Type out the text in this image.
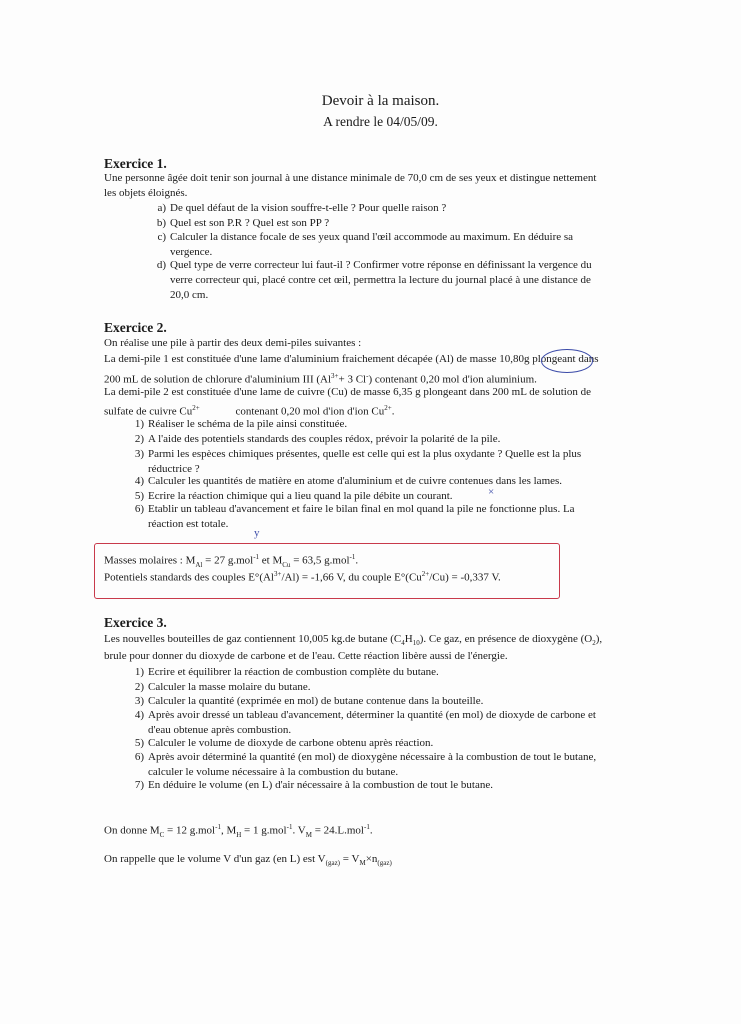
Devoir à la maison.
A rendre le 04/05/09.
Exercice 1.
Une personne âgée doit tenir son journal à une distance minimale de 70,0 cm de ses yeux et distingue nettement
les objets éloignés.
a) De quel défaut de la vision souffre-t-elle ? Pour quelle raison ?
b) Quel est son P.R ? Quel est son PP ?
c) Calculer la distance focale de ses yeux quand l'œil accommode au maximum. En déduire sa
vergence.
d) Quel type de verre correcteur lui faut-il ? Confirmer votre réponse en définissant la vergence du
verre correcteur qui, placé contre cet œil, permettra la lecture du journal placé à une distance de
20,0 cm.
Exercice 2.
On réalise une pile à partir des deux demi-piles suivantes :
La demi-pile 1 est constituée d'une lame d'aluminium fraichement décapée (Al) de masse 10,80g plongeant dans
200 mL de solution de chlorure d'aluminium III ($Al^{3+}+ 3$ Cl-) contenant 0,20 mol d'ion aluminium.
La demi-pile 2 est constituée d'une lame de cuivre (Cu) de masse 6,35 g plongeant dans 200 mL de solution de
sulfate de cuivre $Cu^{2+}$	contenant 0,20 mol d'ion d'ion $Cu^{2+}$.
1) Réaliser le schéma de la pile ainsi constituée.
2) A l'aide des potentiels standards des couples rédox, prévoir la polarité de la pile.
3) Parmi les espèces chimiques présentes, quelle est celle qui est la plus oxydante ? Quelle est la plus
réductrice ?
4) Calculer les quantités de matière en atome d'aluminium et de cuivre contenues dans les lames.
5) Ecrire la réaction chimique qui a lieu quand la pile débite un courant.
6) Etablir un tableau d'avancement et faire le bilan final en mol quand la pile ne fonctionne plus. La
réaction est totale.
×
y
Masses molaires : $M_{Al} = 27$ g.mol$^{-1}$ et $M_{Cu} = 63,5$ g.mol$^{-1}$.
Potentiels standards des couples $E^\circ(Al^{3+}/Al) = -1,66$ V, du couple $E^\circ(Cu^{2+}/Cu) = -0,337$ V.
Exercice 3.
Les nouvelles bouteilles de gaz contiennent 10,005 kg.de butane $(C_4H_{10})$. Ce gaz, en présence de dioxygène $(O_2)$,
brule pour donner du dioxyde de carbone et de l'eau. Cette réaction libère aussi de l'énergie.
1) Ecrire et équilibrer la réaction de combustion complète du butane.
2) Calculer la masse molaire du butane.
3) Calculer la quantité (exprimée en mol) de butane contenue dans la bouteille.
4) Après avoir dressé un tableau d'avancement, déterminer la quantité (en mol) de dioxyde de carbone et
d'eau obtenue après combustion.
5) Calculer le volume de dioxyde de carbone obtenu après réaction.
6) Après avoir déterminé la quantité (en mol) de dioxygène nécessaire à la combustion de tout le butane,
calculer le volume nécessaire à la combustion du butane.
7) En déduire le volume (en L) d'air nécessaire à la combustion de tout le butane.
On donne $M_C = 12$ g.mol$^{-1}$, $M_H = 1$ g.mol$^{-1}$. $V_M = 24.L.mol^{-1}$.
On rappelle que le volume V d'un gaz (en L) est $V_{(gaz)} = V_M\times n_{(gaz)}$
